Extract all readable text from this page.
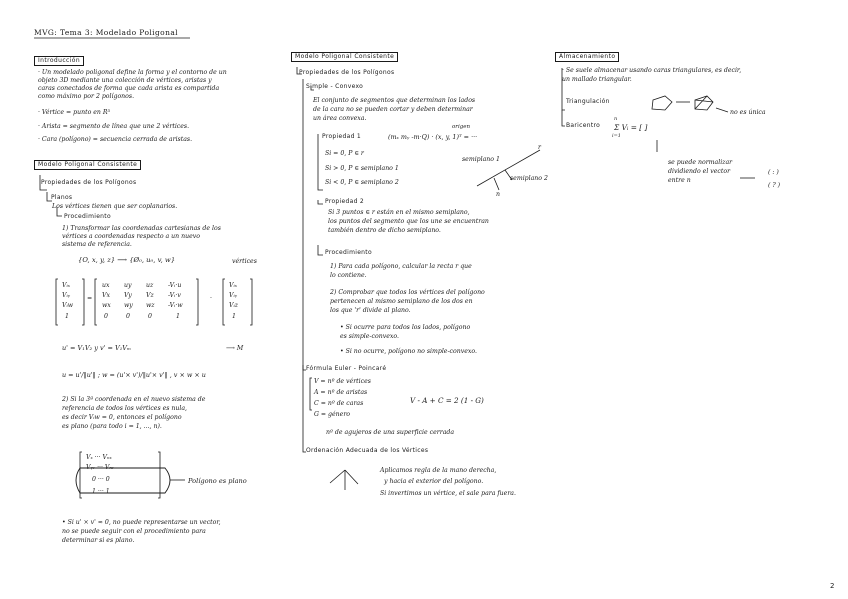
MVG: Tema 3: Modelado Poligonal
2
Introducción
· Un modelado poligonal define la forma y el contorno de un
objeto 3D mediante una colección de vértices, aristas y
caras conectados de forma que cada arista es compartida
como máximo por 2 polígonos.
· Vértice = punto en R³
· Arista = segmento de línea que une 2 vértices.
· Cara (polígono) = secuencia cerrada de aristas.
Modelo Poligonal Consistente
Propiedades de los Polígonos
Planos
Los vértices tienen que ser coplanarios.
Procedimiento
1) Transformar las coordenadas cartesianas de los
vértices a coordenadas respecto a un nuevo
sistema de referencia.
{O, x, y, z} ⟶ {Ø₀, u₀, v, w}	vértices
Vᵢₓ
Vᵢᵧ
Vᵢw
1
=
ux uy uz -Vᵢ·u
Vx Vy Vz -Vᵢ·v
wx wy wz -Vᵢ·w
0	0	0	1
·
Vᵢₓ
Vᵢᵧ
Vᵢz
1
u' = V₁V₂ y v' = V₁Vₘ	⟶ M
u = u'/‖u'‖ ; w = (u'× v')/‖u'× v'‖ , v × w × u
2) Si la 3ª coordenada en el nuevo sistema de
referencia de todos los vértices es nula,
es decir Vᵢw = 0, entonces el polígono
es plano (para todo i = 1, ..., n).
Vₓ ··· Vₙₓ
Vᵧᵥ ··· Vₙᵥ
0 ··· 0
1 ··· 1
Polígono es plano
• Si u' × v' ≈ 0, no puede representarse un vector,
no se puede seguir con el procedimiento para
determinar si es plano.
Modelo Poligonal Consistente
Propiedades de los Polígonos
Simple - Convexo
El conjunto de segmentos que determinan los lados
de la cara no se pueden cortar y deben determinar
un área convexa.
Propiedad 1	(mₓ mᵧ -m·Q) · (x, y, 1)ᵀ = ···
origen
Si = 0, P ∈ r
Si > 0, P ∈ semiplano 1
Si < 0, P ∈ semiplano 2
semiplano 1
semiplano 2
r
n
Propiedad 2
Si 3 puntos ∈ r están en el mismo semiplano,
los puntos del segmento que los une se encuentran
también dentro de dicho semiplano.
Procedimiento
1) Para cada polígono, calcular la recta r que
lo contiene.
2) Comprobar que todos los vértices del polígono
pertenecen al mismo semiplano de los dos en
los que 'r' divide al plano.
• Si ocurre para todos los lados, polígono
es simple-convexo.
• Si no ocurre, polígono no simple-convexo.
Fórmula Euler - Poincaré
V = nº de vértices
A = nº de aristas
C = nº de caras
G = género
V - A + C = 2 (1 - G)
nº de agujeros de una superficie cerrada
Ordenación Adecuada de los Vértices
Aplicamos regla de la mano derecha,
y hacia el exterior del polígono.
Si invertimos un vértice, el sale para fuera.
Almacenamiento
· Se suele almacenar usando caras triangulares, es decir,
un mallado triangular.
Triangulación
no es única
Baricentro
n
Σ Vᵢ = [ ]
i=1
se puede normalizar
dividiendo el vector
entre n
( : )
( ? )
